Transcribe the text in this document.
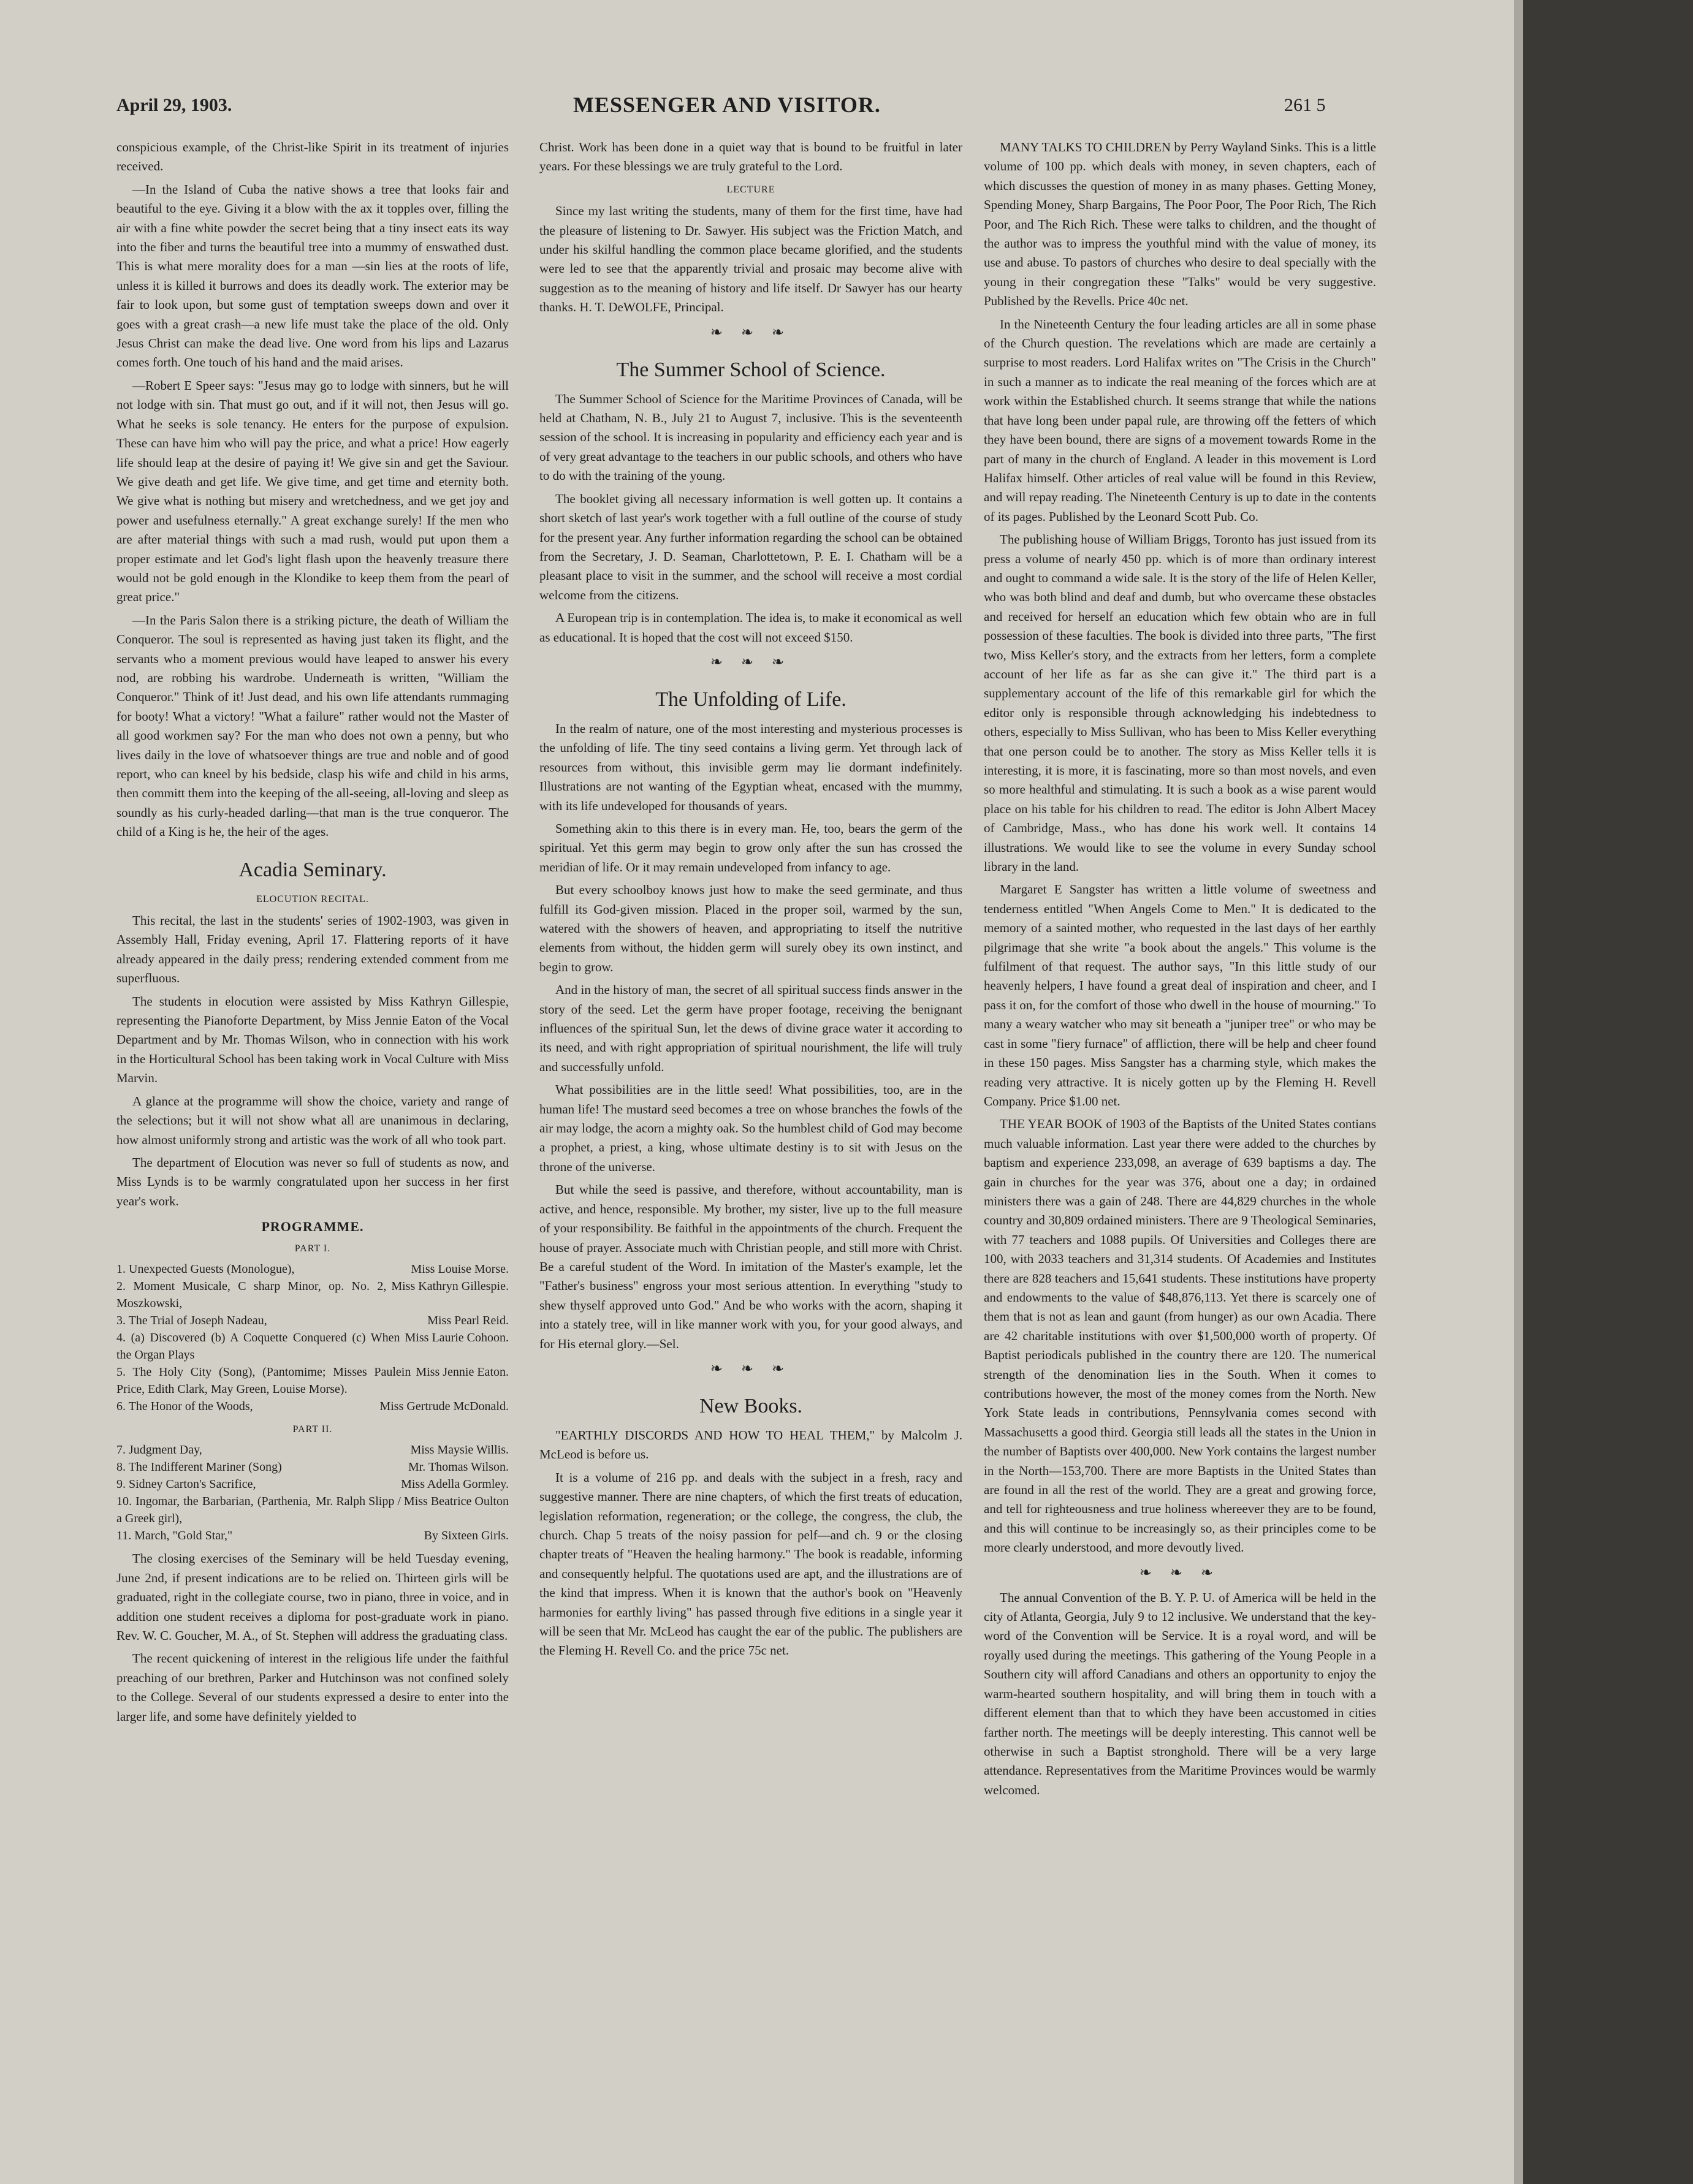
April 29, 1903.	MESSENGER AND VISITOR.	261 5

conspicious example, of the Christ-like Spirit in its treatment of injuries received.

—In the Island of Cuba the native shows a tree that looks fair and beautiful to the eye. Giving it a blow with the ax it topples over, filling the air with a fine white powder the secret being that a tiny insect eats its way into the fiber and turns the beautiful tree into a mummy of enswathed dust. This is what mere morality does for a man —sin lies at the roots of life, unless it is killed it burrows and does its deadly work. The exterior may be fair to look upon, but some gust of temptation sweeps down and over it goes with a great crash—a new life must take the place of the old. Only Jesus Christ can make the dead live. One word from his lips and Lazarus comes forth. One touch of his hand and the maid arises.

—Robert E Speer says: "Jesus may go to lodge with sinners, but he will not lodge with sin. That must go out, and if it will not, then Jesus will go. What he seeks is sole tenancy. He enters for the purpose of expulsion. These can have him who will pay the price, and what a price! How eagerly life should leap at the desire of paying it! We give sin and get the Saviour. We give death and get life. We give time, and get time and eternity both. We give what is nothing but misery and wretchedness, and we get joy and power and usefulness eternally." A great exchange surely! If the men who are after material things with such a mad rush, would put upon them a proper estimate and let God's light flash upon the heavenly treasure there would not be gold enough in the Klondike to keep them from the pearl of great price."

—In the Paris Salon there is a striking picture, the death of William the Conqueror. The soul is represented as having just taken its flight, and the servants who a moment previous would have leaped to answer his every nod, are robbing his wardrobe. Underneath is written, "William the Conqueror." Think of it! Just dead, and his own life attendants rummaging for booty! What a victory! "What a failure" rather would not the Master of all good workmen say? For the man who does not own a penny, but who lives daily in the love of whatsoever things are true and noble and of good report, who can kneel by his bedside, clasp his wife and child in his arms, then committ them into the keeping of the all-seeing, all-loving and sleep as soundly as his curly-headed darling—that man is the true conqueror. The child of a King is he, the heir of the ages.

Acadia Seminary.
ELOCUTION RECITAL.

This recital, the last in the students' series of 1902-1903, was given in Assembly Hall, Friday evening, April 17. Flattering reports of it have already appeared in the daily press; rendering extended comment from me superfluous.

The students in elocution were assisted by Miss Kathryn Gillespie, representing the Pianoforte Department, by Miss Jennie Eaton of the Vocal Department and by Mr. Thomas Wilson, who in connection with his work in the Horticultural School has been taking work in Vocal Culture with Miss Marvin.

A glance at the programme will show the choice, variety and range of the selections; but it will not show what all are unanimous in declaring, how almost uniformly strong and artistic was the work of all who took part.

The department of Elocution was never so full of students as now, and Miss Lynds is to be warmly congratulated upon her success in her first year's work.

PROGRAMME.
PART I.
1. Unexpected Guests (Monologue),	Miss Louise Morse.
2. Moment Musicale, C sharp Minor, op. No. 2, Moszkowski,
Miss Kathryn Gillespie.
3. The Trial of Joseph Nadeau,	Miss Pearl Reid.
4. (a) Discovered (b) A Coquette Conquered (c) When the Organ Plays
Miss Laurie Cohoon.
5. The Holy City (Song), (Pantomime; Misses Paulein Price, Edith Clark, May Green, Louise Morse).
Miss Jennie Eaton.
6. The Honor of the Woods,	Miss Gertrude McDonald.
PART II.
7. Judgment Day,	Miss Maysie Willis.
8. The Indifferent Mariner (Song)	Mr. Thomas Wilson.
9. Sidney Carton's Sacrifice,	Miss Adella Gormley.
10. Ingomar, the Barbarian, (Parthenia, a Greek girl),
Mr. Ralph Slipp / Miss Beatrice Oulton
11. March, "Gold Star,"	By Sixteen Girls.

The closing exercises of the Seminary will be held Tuesday evening, June 2nd, if present indications are to be relied on. Thirteen girls will be graduated, right in the collegiate course, two in piano, three in voice, and in addition one student receives a diploma for post-graduate work in piano. Rev. W. C. Goucher, M. A., of St. Stephen will address the graduating class.

The recent quickening of interest in the religious life under the faithful preaching of our brethren, Parker and Hutchinson was not confined solely to the College. Several of our students expressed a desire to enter into the larger life, and some have definitely yielded to

Christ. Work has been done in a quiet way that is bound to be fruitful in later years. For these blessings we are truly grateful to the Lord.

LECTURE

Since my last writing the students, many of them for the first time, have had the pleasure of listening to Dr. Sawyer. His subject was the Friction Match, and under his skilful handling the common place became glorified, and the students were led to see that the apparently trivial and prosaic may become alive with suggestion as to the meaning of history and life itself. Dr Sawyer has our hearty thanks. H. T. DeWOLFE, Principal.

❧ ❧ ❧
The Summer School of Science.

The Summer School of Science for the Maritime Provinces of Canada, will be held at Chatham, N. B., July 21 to August 7, inclusive. This is the seventeenth session of the school. It is increasing in popularity and efficiency each year and is of very great advantage to the teachers in our public schools, and others who have to do with the training of the young.

The booklet giving all necessary information is well gotten up. It contains a short sketch of last year's work together with a full outline of the course of study for the present year. Any further information regarding the school can be obtained from the Secretary, J. D. Seaman, Charlottetown, P. E. I. Chatham will be a pleasant place to visit in the summer, and the school will receive a most cordial welcome from the citizens.

A European trip is in contemplation. The idea is, to make it economical as well as educational. It is hoped that the cost will not exceed $150.

❧ ❧ ❧
The Unfolding of Life.

In the realm of nature, one of the most interesting and mysterious processes is the unfolding of life. The tiny seed contains a living germ. Yet through lack of resources from without, this invisible germ may lie dormant indefinitely. Illustrations are not wanting of the Egyptian wheat, encased with the mummy, with its life undeveloped for thousands of years.

Something akin to this there is in every man. He, too, bears the germ of the spiritual. Yet this germ may begin to grow only after the sun has crossed the meridian of life. Or it may remain undeveloped from infancy to age.

But every schoolboy knows just how to make the seed germinate, and thus fulfill its God-given mission. Placed in the proper soil, warmed by the sun, watered with the showers of heaven, and appropriating to itself the nutritive elements from without, the hidden germ will surely obey its own instinct, and begin to grow.

And in the history of man, the secret of all spiritual success finds answer in the story of the seed. Let the germ have proper footage, receiving the benignant influences of the spiritual Sun, let the dews of divine grace water it according to its need, and with right appropriation of spiritual nourishment, the life will truly and successfully unfold.

What possibilities are in the little seed! What possibilities, too, are in the human life! The mustard seed becomes a tree on whose branches the fowls of the air may lodge, the acorn a mighty oak. So the humblest child of God may become a prophet, a priest, a king, whose ultimate destiny is to sit with Jesus on the throne of the universe.

But while the seed is passive, and therefore, without accountability, man is active, and hence, responsible. My brother, my sister, live up to the full measure of your responsibility. Be faithful in the appointments of the church. Frequent the house of prayer. Associate much with Christian people, and still more with Christ. Be a careful student of the Word. In imitation of the Master's example, let the "Father's business" engross your most serious attention. In everything "study to shew thyself approved unto God." And be who works with the acorn, shaping it into a stately tree, will in like manner work with you, for your good always, and for His eternal glory.—Sel.

❧ ❧ ❧
New Books.

"EARTHLY DISCORDS AND HOW TO HEAL THEM," by Malcolm J. McLeod is before us.

It is a volume of 216 pp. and deals with the subject in a fresh, racy and suggestive manner. There are nine chapters, of which the first treats of education, legislation reformation, regeneration; or the college, the congress, the club, the church. Chap 5 treats of the noisy passion for pelf—and ch. 9 or the closing chapter treats of "Heaven the healing harmony." The book is readable, informing and consequently helpful. The quotations used are apt, and the illustrations are of the kind that impress. When it is known that the author's book on "Heavenly harmonies for earthly living" has passed through five editions in a single year it will be seen that Mr. McLeod has caught the ear of the public. The publishers are the Fleming H. Revell Co. and the price 75c net.

MANY TALKS TO CHILDREN by Perry Wayland Sinks. This is a little volume of 100 pp. which deals with money, in seven chapters, each of which discusses the question of money in as many phases. Getting Money, Spending Money, Sharp Bargains, The Poor Poor, The Poor Rich, The Rich Poor, and The Rich Rich. These were talks to children, and the thought of the author was to impress the youthful mind with the value of money, its use and abuse. To pastors of churches who desire to deal specially with the young in their congregation these "Talks" would be very suggestive. Published by the Revells. Price 40c net.

In the Nineteenth Century the four leading articles are all in some phase of the Church question. The revelations which are made are certainly a surprise to most readers. Lord Halifax writes on "The Crisis in the Church" in such a manner as to indicate the real meaning of the forces which are at work within the Established church. It seems strange that while the nations that have long been under papal rule, are throwing off the fetters of which they have been bound, there are signs of a movement towards Rome in the part of many in the church of England. A leader in this movement is Lord Halifax himself. Other articles of real value will be found in this Review, and will repay reading. The Nineteenth Century is up to date in the contents of its pages. Published by the Leonard Scott Pub. Co.

The publishing house of William Briggs, Toronto has just issued from its press a volume of nearly 450 pp. which is of more than ordinary interest and ought to command a wide sale. It is the story of the life of Helen Keller, who was both blind and deaf and dumb, but who overcame these obstacles and received for herself an education which few obtain who are in full possession of these faculties. The book is divided into three parts, "The first two, Miss Keller's story, and the extracts from her letters, form a complete account of her life as far as she can give it." The third part is a supplementary account of the life of this remarkable girl for which the editor only is responsible through acknowledging his indebtedness to others, especially to Miss Sullivan, who has been to Miss Keller everything that one person could be to another. The story as Miss Keller tells it is interesting, it is more, it is fascinating, more so than most novels, and even so more healthful and stimulating. It is such a book as a wise parent would place on his table for his children to read. The editor is John Albert Macey of Cambridge, Mass., who has done his work well. It contains 14 illustrations. We would like to see the volume in every Sunday school library in the land.

Margaret E Sangster has written a little volume of sweetness and tenderness entitled "When Angels Come to Men." It is dedicated to the memory of a sainted mother, who requested in the last days of her earthly pilgrimage that she write "a book about the angels." This volume is the fulfilment of that request. The author says, "In this little study of our heavenly helpers, I have found a great deal of inspiration and cheer, and I pass it on, for the comfort of those who dwell in the house of mourning." To many a weary watcher who may sit beneath a "juniper tree" or who may be cast in some "fiery furnace" of affliction, there will be help and cheer found in these 150 pages. Miss Sangster has a charming style, which makes the reading very attractive. It is nicely gotten up by the Fleming H. Revell Company. Price $1.00 net.

THE YEAR BOOK of 1903 of the Baptists of the United States contians much valuable information. Last year there were added to the churches by baptism and experience 233,098, an average of 639 baptisms a day. The gain in churches for the year was 376, about one a day; in ordained ministers there was a gain of 248. There are 44,829 churches in the whole country and 30,809 ordained ministers. There are 9 Theological Seminaries, with 77 teachers and 1088 pupils. Of Universities and Colleges there are 100, with 2033 teachers and 31,314 students. Of Academies and Institutes there are 828 teachers and 15,641 students. These institutions have property and endowments to the value of $48,876,113. Yet there is scarcely one of them that is not as lean and gaunt (from hunger) as our own Acadia. There are 42 charitable institutions with over $1,500,000 worth of property. Of Baptist periodicals published in the country there are 120. The numerical strength of the denomination lies in the South. When it comes to contributions however, the most of the money comes from the North. New York State leads in contributions, Pennsylvania comes second with Massachusetts a good third. Georgia still leads all the states in the Union in the number of Baptists over 400,000. New York contains the largest number in the North—153,700. There are more Baptists in the United States than are found in all the rest of the world. They are a great and growing force, and tell for righteousness and true holiness whereever they are to be found, and this will continue to be increasingly so, as their principles come to be more clearly understood, and more devoutly lived.

❧ ❧ ❧

The annual Convention of the B. Y. P. U. of America will be held in the city of Atlanta, Georgia, July 9 to 12 inclusive. We understand that the key-word of the Convention will be Service. It is a royal word, and will be royally used during the meetings. This gathering of the Young People in a Southern city will afford Canadians and others an opportunity to enjoy the warm-hearted southern hospitality, and will bring them in touch with a different element than that to which they have been accustomed in cities farther north. The meetings will be deeply interesting. This cannot well be otherwise in such a Baptist stronghold. There will be a very large attendance. Representatives from the Maritime Provinces would be warmly welcomed.
